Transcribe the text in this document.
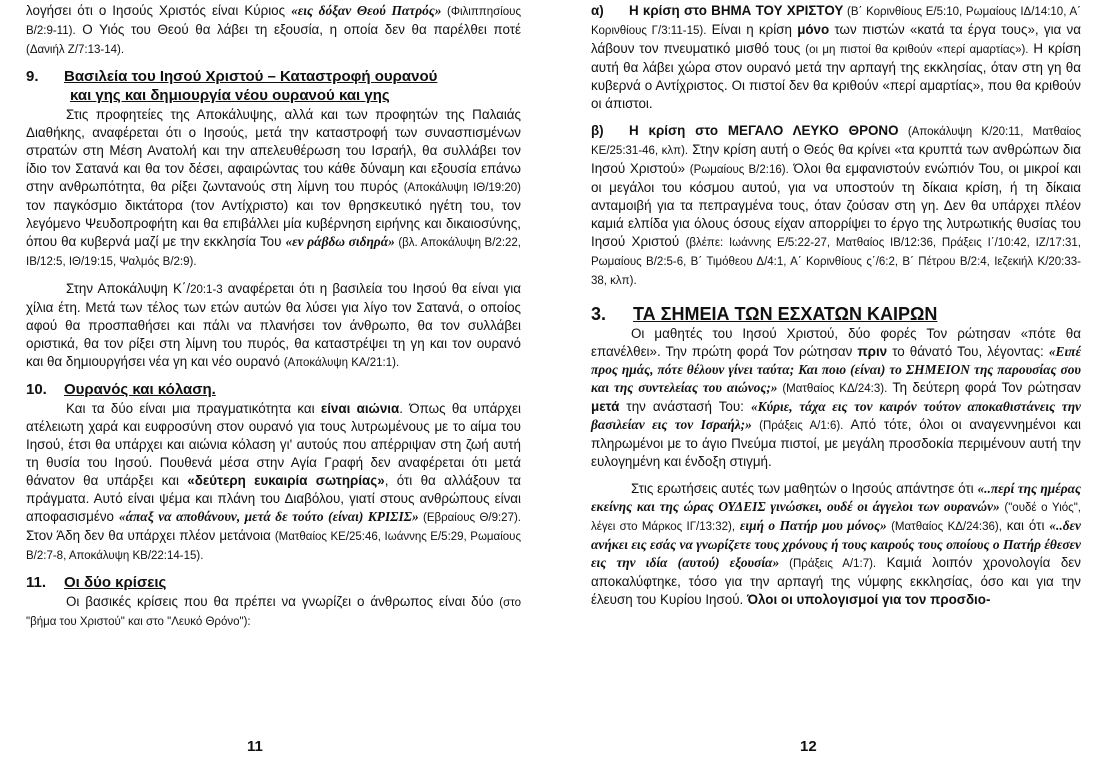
λογήσει ότι ο Ιησούς Χριστός είναι Κύριος «εις δόξαν Θεού Πατρός» (Φιλιππησίους Β/2:9-11). Ο Υιός του Θεού θα λάβει τη εξουσία, η οποία δεν θα παρέλθει ποτέ (Δανιήλ Ζ/7:13-14).

9.	Βασιλεία του Ιησού Χριστού – Καταστροφή ουρανού
και γης και δημιουργία νέου ουρανού και γης

Στις προφητείες της Αποκάλυψης, αλλά και των προφητών της Παλαιάς Διαθήκης, αναφέρεται ότι ο Ιησούς, μετά την καταστροφή των συνασπισμένων στρατών στη Μέση Ανατολή και την απελευθέρωση του Ισραήλ, θα συλλάβει τον ίδιο τον Σατανά και θα τον δέσει, αφαιρώντας του κάθε δύναμη και εξουσία επάνω στην ανθρωπότητα, θα ρίξει ζωντανούς στη λίμνη του πυρός (Αποκάλυψη ΙΘ/19:20) τον παγκόσμιο δικτάτορα (τον Αντίχριστο) και τον θρησκευτικό ηγέτη του, τον λεγόμενο Ψευδοπροφήτη και θα επιβάλλει μία κυβέρνηση ειρήνης και δικαιοσύνης, όπου θα κυβερνά μαζί με την εκκλησία Του «εν ράβδω σιδηρά» (βλ. Αποκάλυψη Β/2:22, ΙΒ/12:5, ΙΘ/19:15, Ψαλμός Β/2:9).

Στην Αποκάλυψη Κ΄/20:1-3 αναφέρεται ότι η βασιλεία του Ιησού θα είναι για χίλια έτη. Μετά των τέλος των ετών αυτών θα λύσει για λίγο τον Σατανά, ο οποίος αφού θα προσπαθήσει και πάλι να πλανήσει τον άνθρωπο, θα τον συλλάβει οριστικά, θα τον ρίξει στη λίμνη του πυρός, θα καταστρέψει τη γη και τον ουρανό και θα δημιουργήσει νέα γη και νέο ουρανό (Αποκάλυψη ΚΑ/21:1).

10.	Ουρανός και κόλαση.

Και τα δύο είναι μια πραγματικότητα και είναι αιώνια. Όπως θα υπάρχει ατέλειωτη χαρά και ευφροσύνη στον ουρανό για τους λυτρωμένους με το αίμα του Ιησού, έτσι θα υπάρχει και αιώνια κόλαση γι' αυτούς που απέρριψαν στη ζωή αυτή τη θυσία του Ιησού. Πουθενά μέσα στην Αγία Γραφή δεν αναφέρεται ότι μετά θάνατον θα υπάρξει και «δεύτερη ευκαιρία σωτηρίας», ότι θα αλλάξουν τα πράγματα. Αυτό είναι ψέμα και πλάνη του Διαβόλου, γιατί στους ανθρώπους είναι αποφασισμένο «άπαξ να αποθάνουν, μετά δε τούτο (είναι) ΚΡΙΣΙΣ» (Εβραίους Θ/9:27). Στον Άδη δεν θα υπάρχει πλέον μετάνοια (Ματθαίος ΚΕ/25:46, Ιωάννης Ε/5:29, Ρωμαίους Β/2:7-8, Αποκάλυψη ΚΒ/22:14-15).

11.	Οι δύο κρίσεις

Οι βασικές κρίσεις που θα πρέπει να γνωρίζει ο άνθρωπος είναι δύο (στο "βήμα του Χριστού" και στο "Λευκό Θρόνο"):

11

α) Η κρίση στο ΒΗΜΑ ΤΟΥ ΧΡΙΣΤΟΥ (Β΄ Κορινθίους Ε/5:10, Ρωμαίους ΙΔ/14:10, Α΄ Κορινθίους Γ/3:11-15). Είναι η κρίση μόνο των πιστών «κατά τα έργα τους», για να λάβουν τον πνευματικό μισθό τους (οι μη πιστοί θα κριθούν «περί αμαρτίας»). Η κρίση αυτή θα λάβει χώρα στον ουρανό μετά την αρπαγή της εκκλησίας, όταν στη γη θα κυβερνά ο Αντίχριστος. Οι πιστοί δεν θα κριθούν «περί αμαρτίας», που θα κριθούν οι άπιστοι.

β) Η κρίση στο ΜΕΓΑΛΟ ΛΕΥΚΟ ΘΡΟΝΟ (Αποκάλυψη Κ/20:11, Ματθαίος ΚΕ/25:31-46, κλπ). Στην κρίση αυτή ο Θεός θα κρίνει «τα κρυπτά των ανθρώπων δια Ιησού Χριστού» (Ρωμαίους Β/2:16). Όλοι θα εμφανιστούν ενώπιόν Του, οι μικροί και οι μεγάλοι του κόσμου αυτού, για να υποστούν τη δίκαια κρίση, ή τη δίκαια ανταμοιβή για τα πεπραγμένα τους, όταν ζούσαν στη γη. Δεν θα υπάρχει πλέον καμιά ελπίδα για όλους όσους είχαν απορρίψει το έργο της λυτρωτικής θυσίας του Ιησού Χριστού (βλέπε: Ιωάννης Ε/5:22-27, Ματθαίος ΙΒ/12:36, Πράξεις Ι΄/10:42, ΙΖ/17:31, Ρωμαίους Β/2:5-6, Β΄ Τιμόθεου Δ/4:1, Α΄ Κορινθίους ς΄/6:2, Β΄ Πέτρου Β/2:4, Ιεζεκιήλ Κ/20:33-38, κλπ).

3.	ΤΑ ΣΗΜΕΙΑ ΤΩΝ ΕΣΧΑΤΩΝ ΚΑΙΡΩΝ

Οι μαθητές του Ιησού Χριστού, δύο φορές Τον ρώτησαν «πότε θα επανέλθει». Την πρώτη φορά Τον ρώτησαν πριν το θάνατό Του, λέγοντας: «Ειπέ προς ημάς, πότε θέλουν γίνει ταύτα; Και ποιο (είναι) το ΣΗΜΕΙΟΝ της παρουσίας σου και της συντελείας του αιώνος;» (Ματθαίος ΚΔ/24:3). Τη δεύτερη φορά Τον ρώτησαν μετά την ανάστασή Του: «Κύριε, τάχα εις τον καιρόν τούτον αποκαθιστάνεις την βασιλείαν εις τον Ισραήλ;» (Πράξεις Α/1:6). Από τότε, όλοι οι αναγεννημένοι και πληρωμένοι με το άγιο Πνεύμα πιστοί, με μεγάλη προσδοκία περιμένουν αυτή την ευλογημένη και ένδοξη στιγμή.

Στις ερωτήσεις αυτές των μαθητών ο Ιησούς απάντησε ότι «..περί της ημέρας εκείνης και της ώρας ΟΥΔΕΙΣ γινώσκει, ουδέ οι άγγελοι των ουρανών» ("ουδέ ο Υιός", λέγει στο Μάρκος ΙΓ/13:32), ειμή ο Πατήρ μου μόνος» (Ματθαίος ΚΔ/24:36), και ότι «..δεν ανήκει εις εσάς να γνωρίζετε τους χρόνους ή τους καιρούς τους οποίους ο Πατήρ έθεσεν εις την ιδία (αυτού) εξουσία» (Πράξεις Α/1:7). Καμιά λοιπόν χρονολογία δεν αποκαλύφτηκε, τόσο για την αρπαγή της νύμφης εκκλησίας, όσο και για την έλευση του Κυρίου Ιησού. Όλοι οι υπολογισμοί για τον προσδιο-

12
